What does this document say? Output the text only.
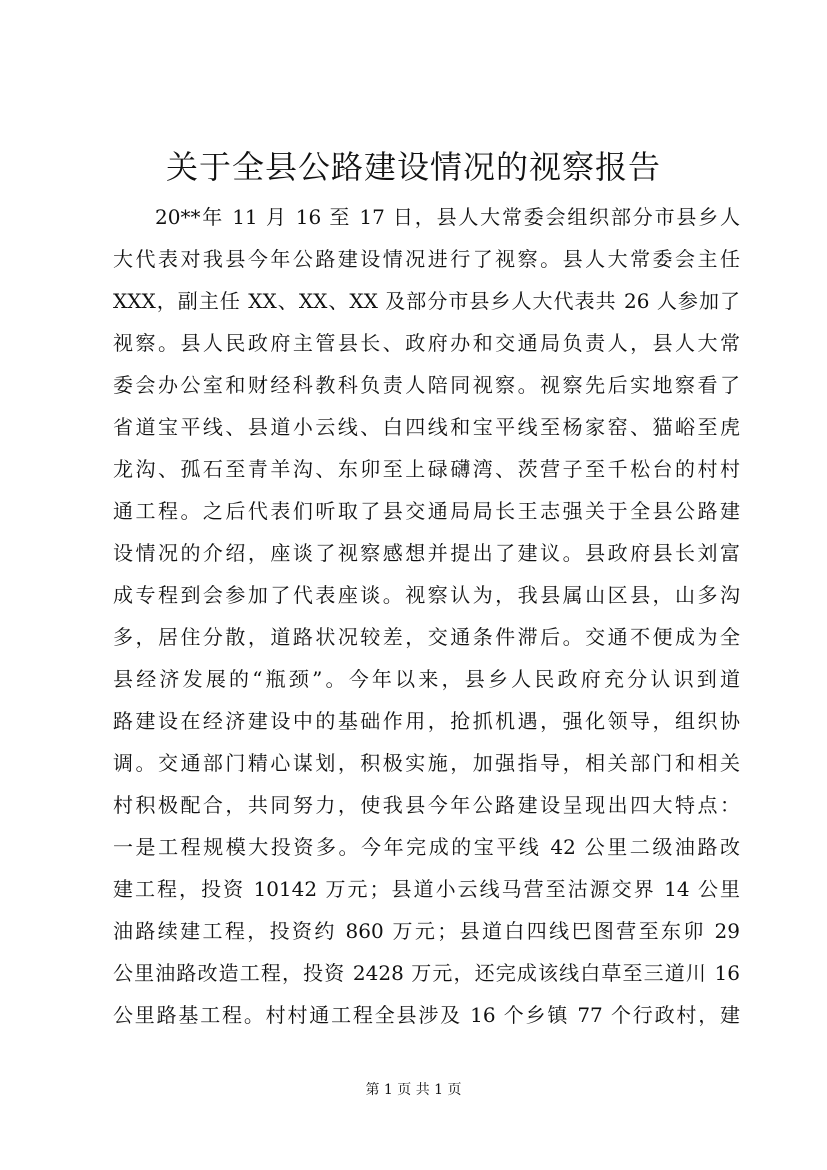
关于全县公路建设情况的视察报告
20**年 11 月 16 至 17 日，县人大常委会组织部分市县乡人
大代表对我县今年公路建设情况进行了视察。县人大常委会主任
XXX，副主任 XX、XX、XX 及部分市县乡人大代表共 26 人参加了
视察。县人民政府主管县长、政府办和交通局负责人，县人大常
委会办公室和财经科教科负责人陪同视察。视察先后实地察看了
省道宝平线、县道小云线、白四线和宝平线至杨家窑、猫峪至虎
龙沟、孤石至青羊沟、东卯至上碌礴湾、茨营子至千松台的村村
通工程。之后代表们听取了县交通局局长王志强关于全县公路建
设情况的介绍，座谈了视察感想并提出了建议。县政府县长刘富
成专程到会参加了代表座谈。视察认为，我县属山区县，山多沟
多，居住分散，道路状况较差，交通条件滞后。交通不便成为全
县经济发展的“瓶颈”。今年以来，县乡人民政府充分认识到道
路建设在经济建设中的基础作用，抢抓机遇，强化领导，组织协
调。交通部门精心谋划，积极实施，加强指导，相关部门和相关
村积极配合，共同努力，使我县今年公路建设呈现出四大特点：
一是工程规模大投资多。今年完成的宝平线 42 公里二级油路改
建工程，投资 10142 万元；县道小云线马营至沽源交界 14 公里
油路续建工程，投资约 860 万元；县道白四线巴图营至东卯 29
公里油路改造工程，投资 2428 万元，还完成该线白草至三道川 16
公里路基工程。村村通工程全县涉及 16 个乡镇 77 个行政村，建
第 1 页 共 1 页
